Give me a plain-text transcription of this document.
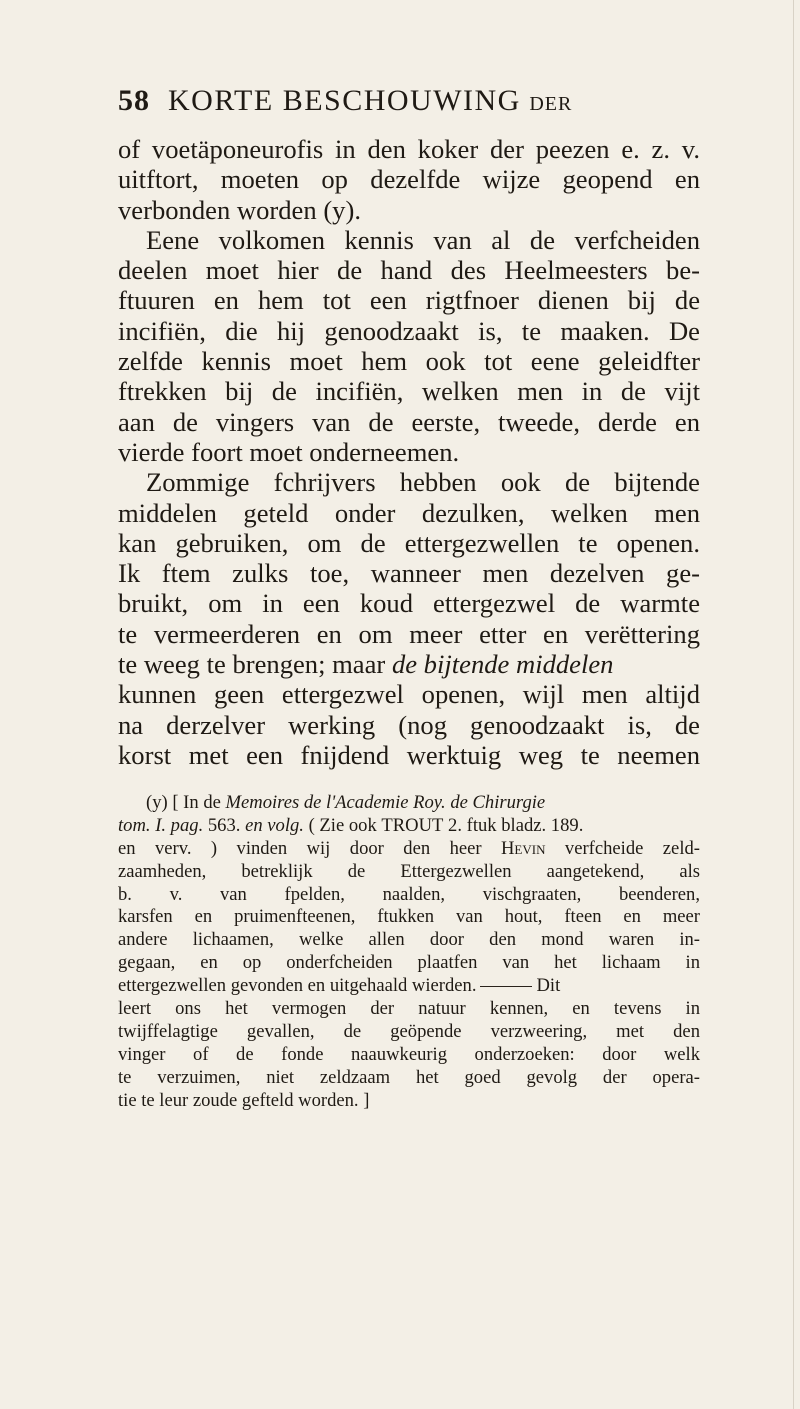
58 KORTE BESCHOUWING DER
of voetäponeurofis in den koker der peezen e. z. v.
uitftort, moeten op dezelfde wijze geopend en
verbonden worden (y).
Eene volkomen kennis van al de verfcheiden
deelen moet hier de hand des Heelmeesters be-
ftuuren en hem tot een rigtfnoer dienen bij de
incifiën, die hij genoodzaakt is, te maaken. De
zelfde kennis moet hem ook tot eene geleidfter
ftrekken bij de incifiën, welken men in de vijt
aan de vingers van de eerste, tweede, derde en
vierde foort moet onderneemen.
Zommige fchrijvers hebben ook de bijtende
middelen geteld onder dezulken, welken men
kan gebruiken, om de ettergezwellen te openen.
Ik ftem zulks toe, wanneer men dezelven ge-
bruikt, om in een koud ettergezwel de warmte
te vermeerderen en om meer etter en verëttering
te weeg te brengen; maar de bijtende middelen
kunnen geen ettergezwel openen, wijl men altijd
na derzelver werking (nog genoodzaakt is, de
korst met een fnijdend werktuig weg te neemen
(y) [ In de Memoires de l'Academie Roy. de Chirurgie
tom. I. pag. 563. en volg. ( Zie ook TROUT 2. ftuk bladz. 189.
en verv. ) vinden wij door den heer Hevin verfcheide zeld-
zaamheden, betreklijk de Ettergezwellen aangetekend, als
b. v. van fpelden, naalden, vischgraaten, beenderen,
karsfen en pruimenfteenen, ftukken van hout, fteen en meer
andere lichaamen, welke allen door den mond waren in-
gegaan, en op onderfcheiden plaatfen van het lichaam in
ettergezwellen gevonden en uitgehaald wierden.	Dit
leert ons het vermogen der natuur kennen, en tevens in
twijffelagtige gevallen, de geöpende verzweering, met den
vinger of de fonde naauwkeurig onderzoeken: door welk
te verzuimen, niet zeldzaam het goed gevolg der opera-
tie te leur zoude gefteld worden. ]
